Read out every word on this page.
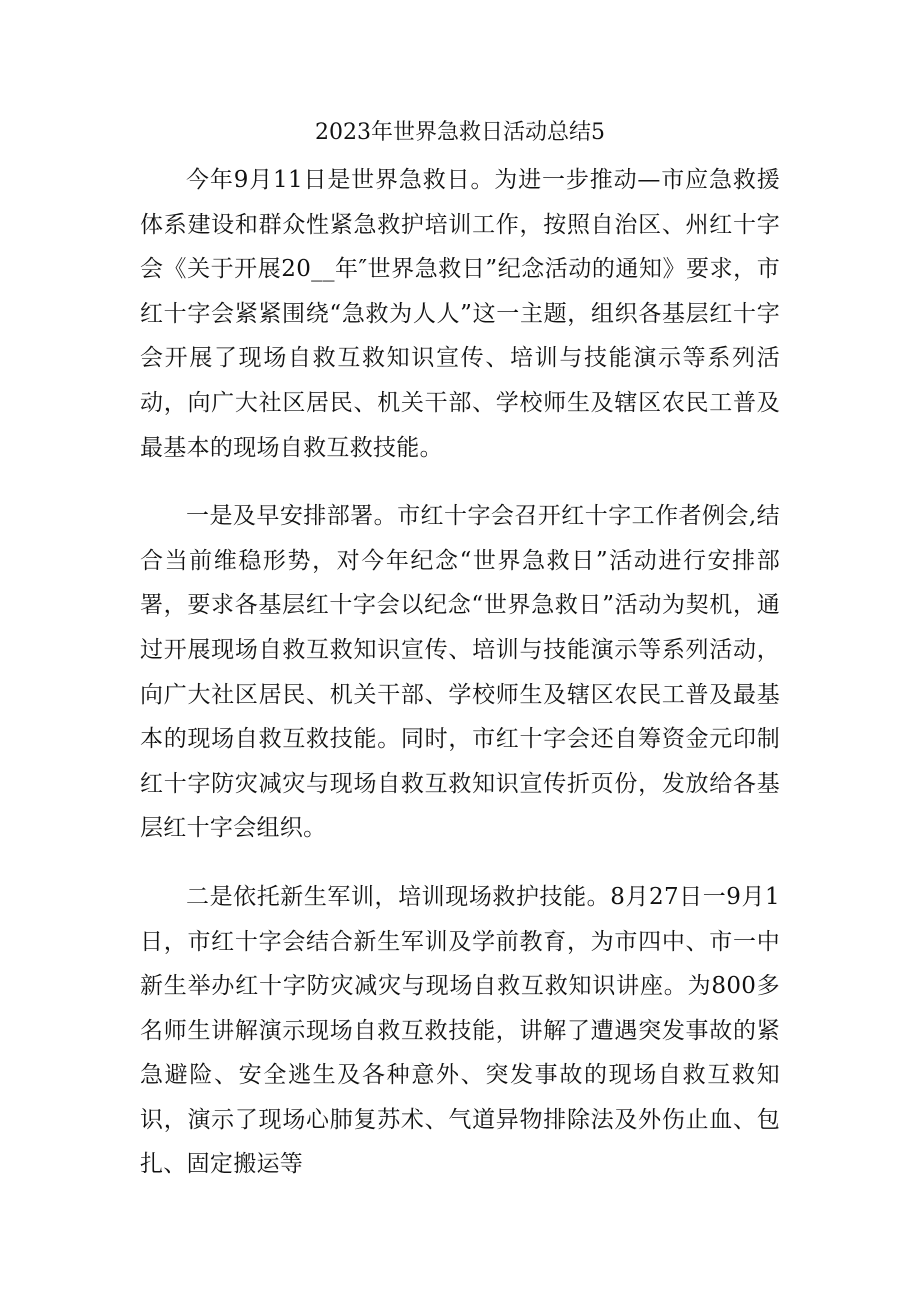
2023年世界急救日活动总结5

今年9月11日是世界急救日。为进一步推动—市应急救援体系建设和群众性紧急救护培训工作，按照自治区、州红十字会《关于开展20__年″世界急救日”纪念活动的通知》要求，市红十字会紧紧围绕“急救为人人”这一主题，组织各基层红十字会开展了现场自救互救知识宣传、培训与技能演示等系列活动，向广大社区居民、机关干部、学校师生及辖区农民工普及最基本的现场自救互救技能。

一是及早安排部署。市红十字会召开红十字工作者例会,结合当前维稳形势，对今年纪念“世界急救日”活动进行安排部署，要求各基层红十字会以纪念“世界急救日”活动为契机，通过开展现场自救互救知识宣传、培训与技能演示等系列活动，向广大社区居民、机关干部、学校师生及辖区农民工普及最基本的现场自救互救技能。同时，市红十字会还自筹资金元印制红十字防灾减灾与现场自救互救知识宣传折页份，发放给各基层红十字会组织。

二是依托新生军训，培训现场救护技能。8月27日一9月1日，市红十字会结合新生军训及学前教育，为市四中、市一中新生举办红十字防灾减灾与现场自救互救知识讲座。为800多名师生讲解演示现场自救互救技能，讲解了遭遇突发事故的紧急避险、安全逃生及各种意外、突发事故的现场自救互救知识，演示了现场心肺复苏术、气道异物排除法及外伤止血、包扎、固定搬运等
